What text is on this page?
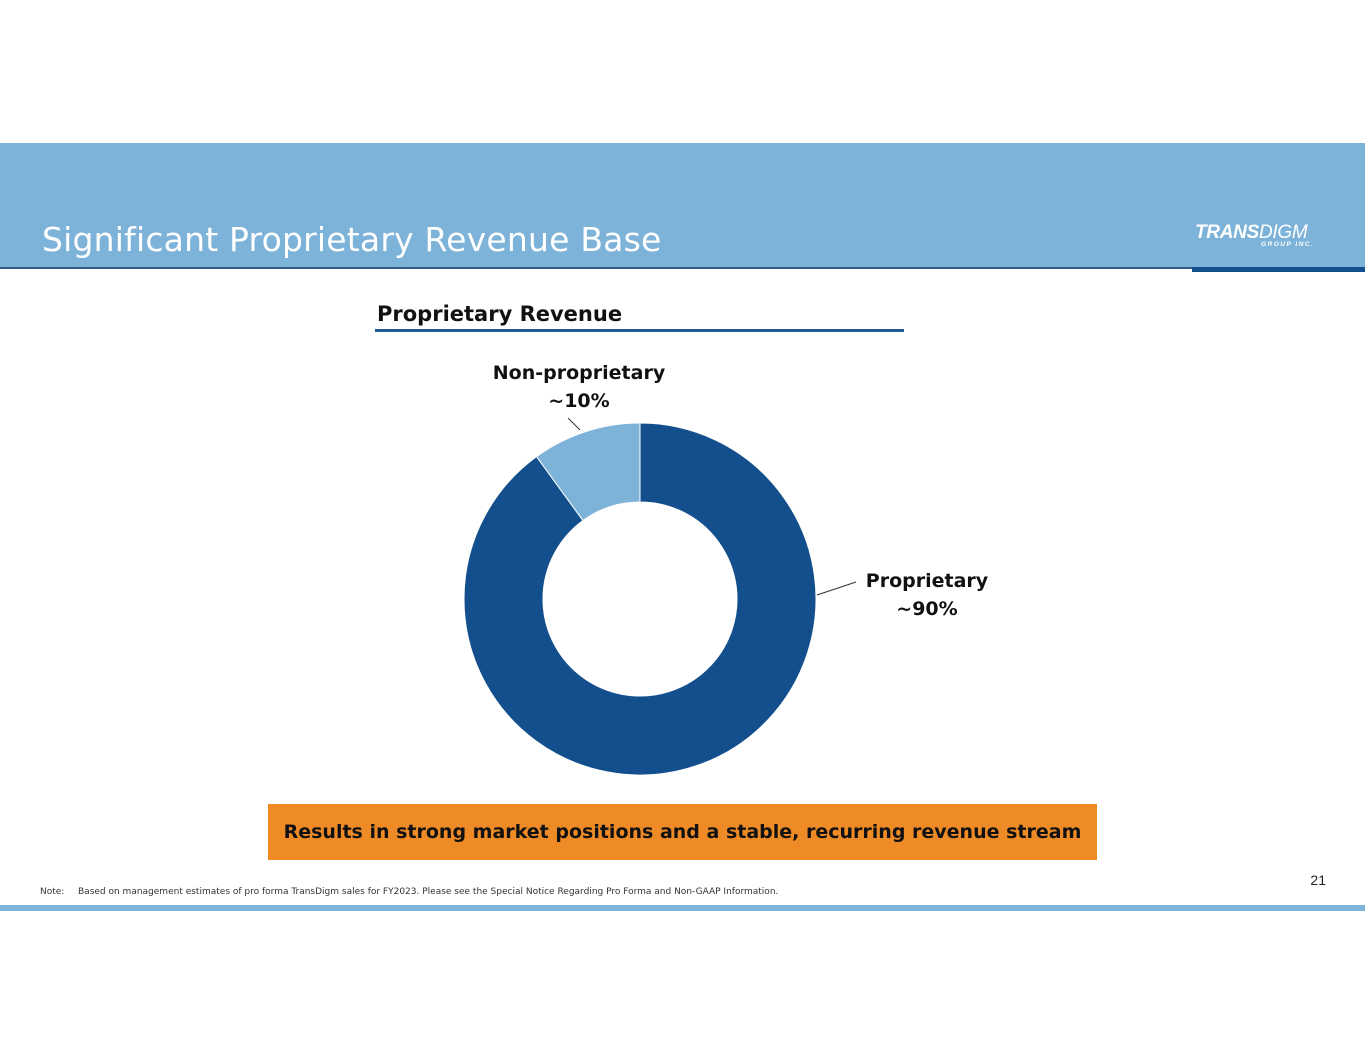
Significant Proprietary Revenue Base	TRANSDIGM
GROUP INC.
Proprietary Revenue
Non-proprietary
~10%
Proprietary
~90%
Results in strong market positions and a stable, recurring revenue stream
21
Note: Based on management estimates of pro forma TransDigm sales for FY2023. Please see the Special Notice Regarding Pro Forma and Non-GAAP Information.
